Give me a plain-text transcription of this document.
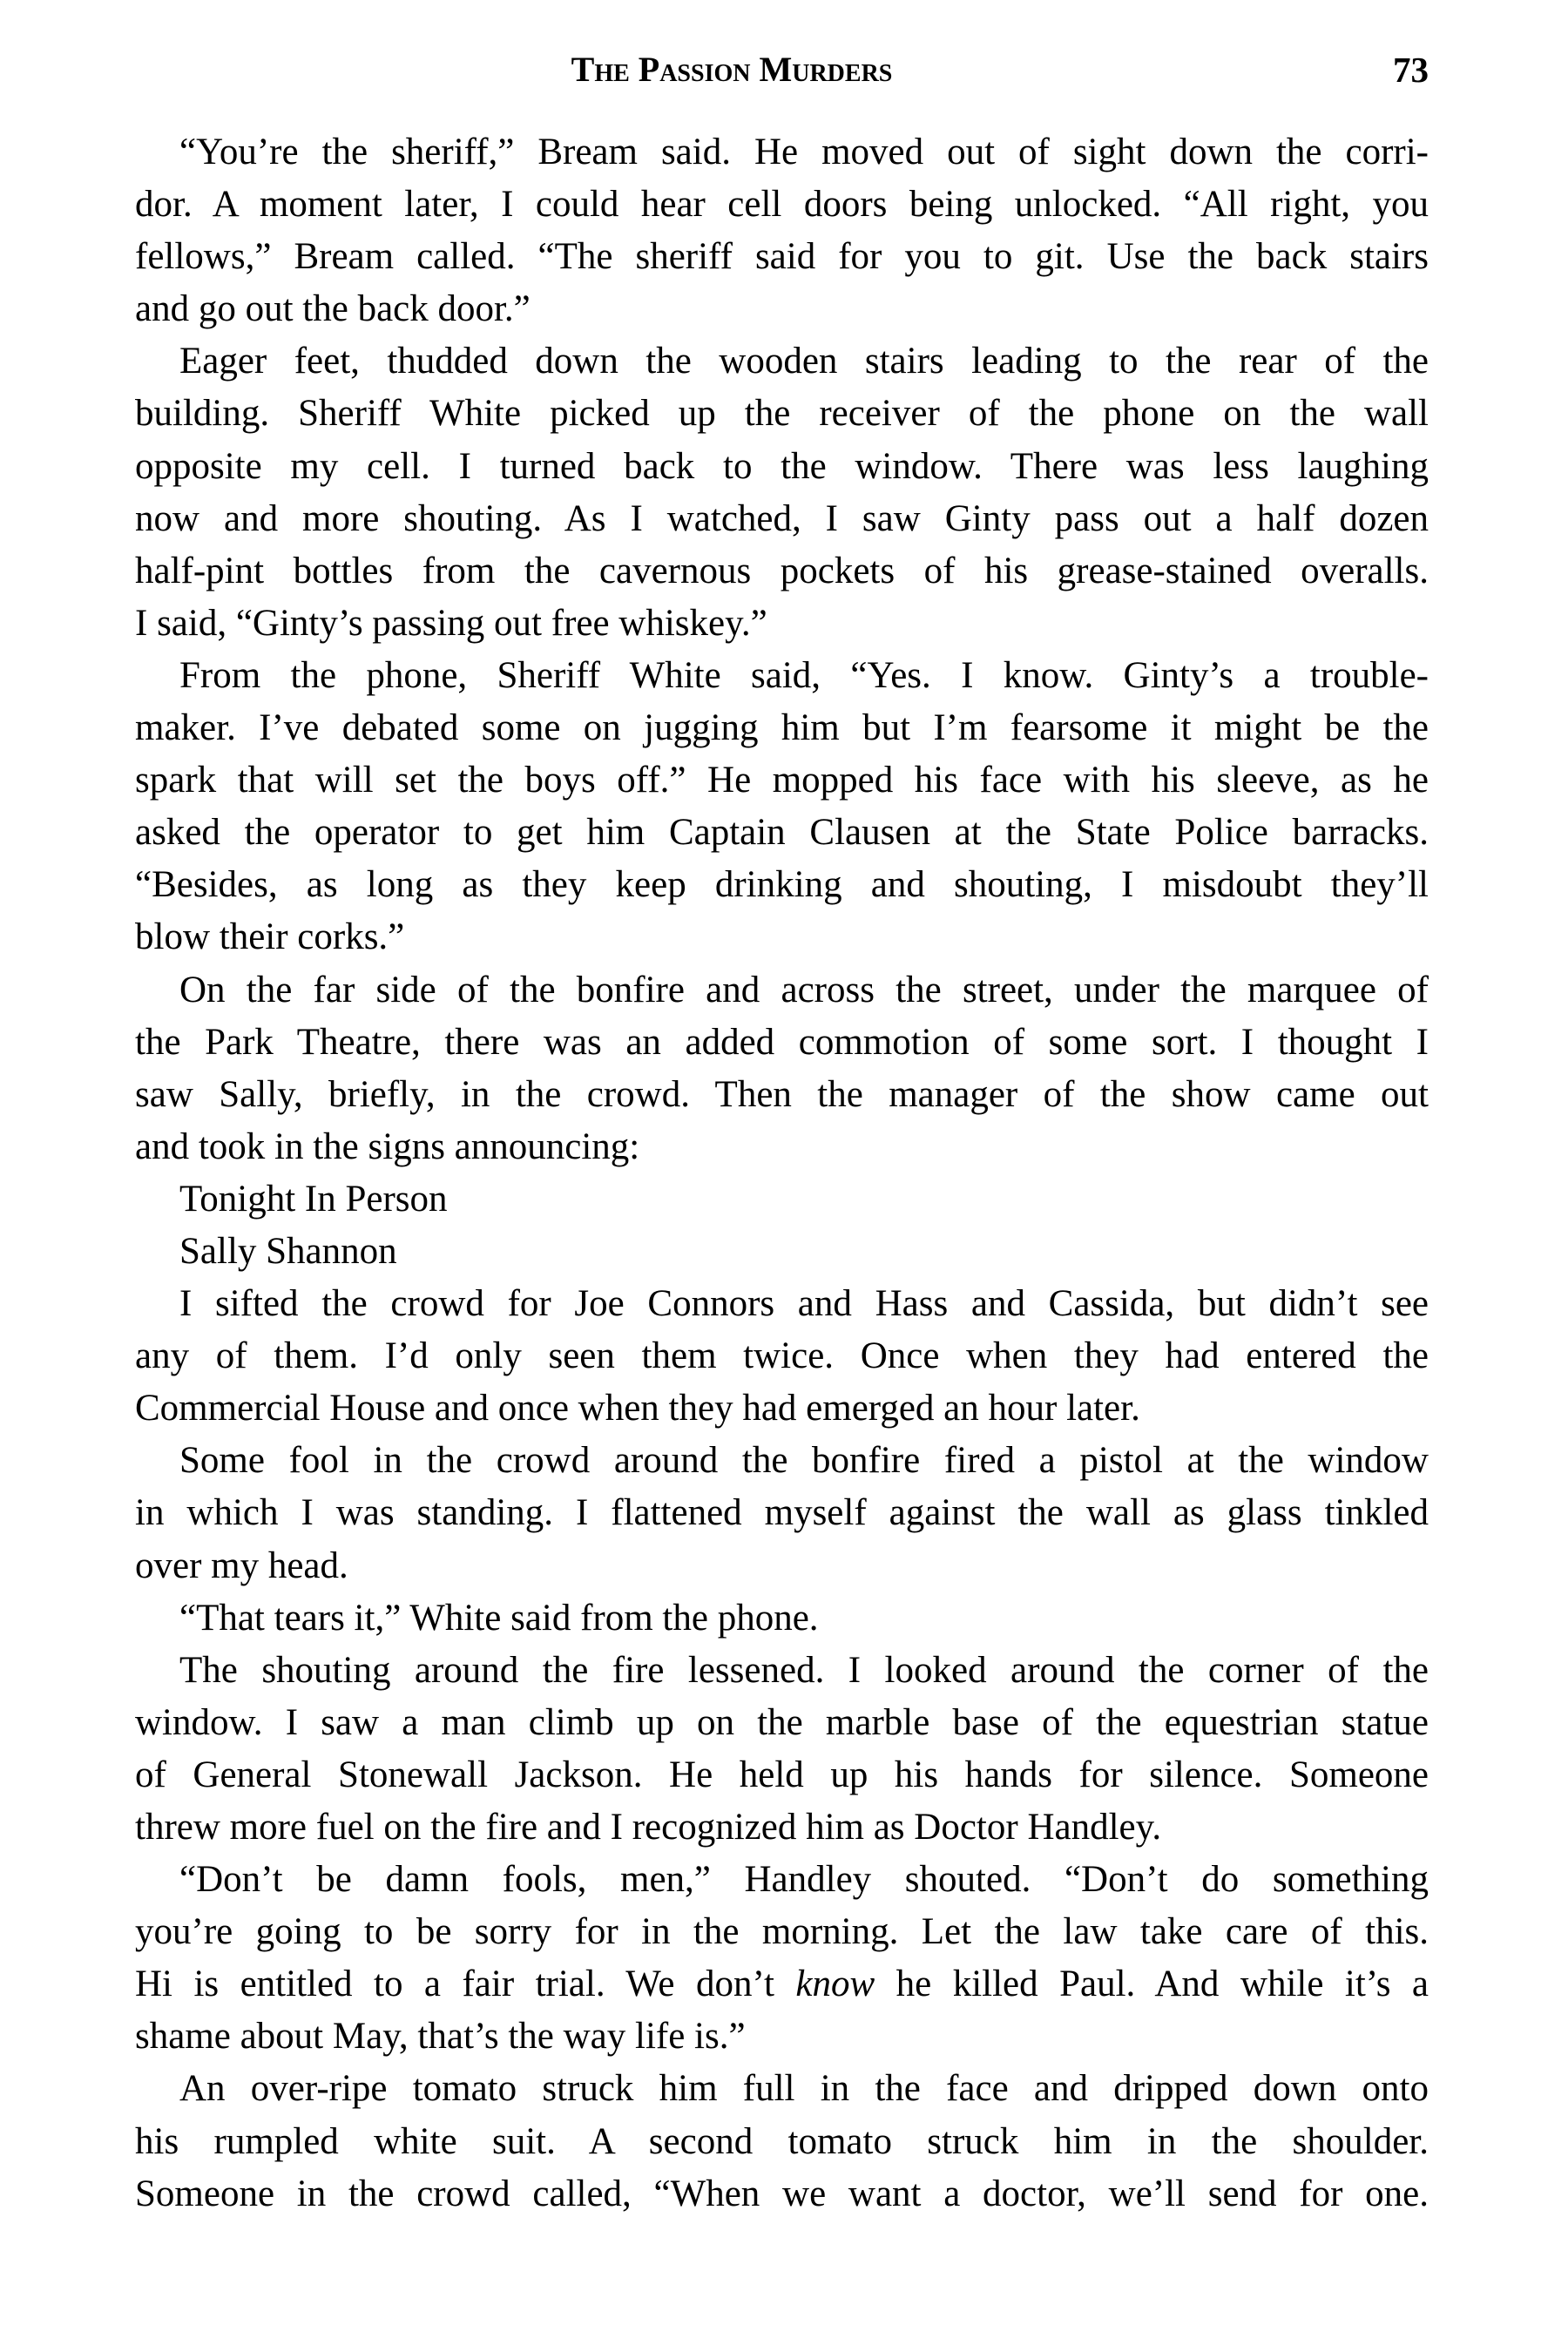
The Passion Murders	73
“You’re the sheriff,” Bream said. He moved out of sight down the corri-
dor. A moment later, I could hear cell doors being unlocked. “All right, you
fellows,” Bream called. “The sheriff said for you to git. Use the back stairs
and go out the back door.”
Eager feet, thudded down the wooden stairs leading to the rear of the
building. Sheriff White picked up the receiver of the phone on the wall
opposite my cell. I turned back to the window. There was less laughing
now and more shouting. As I watched, I saw Ginty pass out a half dozen
half-pint bottles from the cavernous pockets of his grease-stained overalls.
I said, “Ginty’s passing out free whiskey.”
From the phone, Sheriff White said, “Yes. I know. Ginty’s a trouble-
maker. I’ve debated some on jugging him but I’m fearsome it might be the
spark that will set the boys off.” He mopped his face with his sleeve, as he
asked the operator to get him Captain Clausen at the State Police barracks.
“Besides, as long as they keep drinking and shouting, I misdoubt they’ll
blow their corks.”
On the far side of the bonfire and across the street, under the marquee of
the Park Theatre, there was an added commotion of some sort. I thought I
saw Sally, briefly, in the crowd. Then the manager of the show came out
and took in the signs announcing:
Tonight In Person
Sally Shannon
I sifted the crowd for Joe Connors and Hass and Cassida, but didn’t see
any of them. I’d only seen them twice. Once when they had entered the
Commercial House and once when they had emerged an hour later.
Some fool in the crowd around the bonfire fired a pistol at the window
in which I was standing. I flattened myself against the wall as glass tinkled
over my head.
“That tears it,” White said from the phone.
The shouting around the fire lessened. I looked around the corner of the
window. I saw a man climb up on the marble base of the equestrian statue
of General Stonewall Jackson. He held up his hands for silence. Someone
threw more fuel on the fire and I recognized him as Doctor Handley.
“Don’t be damn fools, men,” Handley shouted. “Don’t do something
you’re going to be sorry for in the morning. Let the law take care of this.
Hi is entitled to a fair trial. We don’t know he killed Paul. And while it’s a
shame about May, that’s the way life is.”
An over-ripe tomato struck him full in the face and dripped down onto
his rumpled white suit. A second tomato struck him in the shoulder.
Someone in the crowd called, “When we want a doctor, we’ll send for one.
